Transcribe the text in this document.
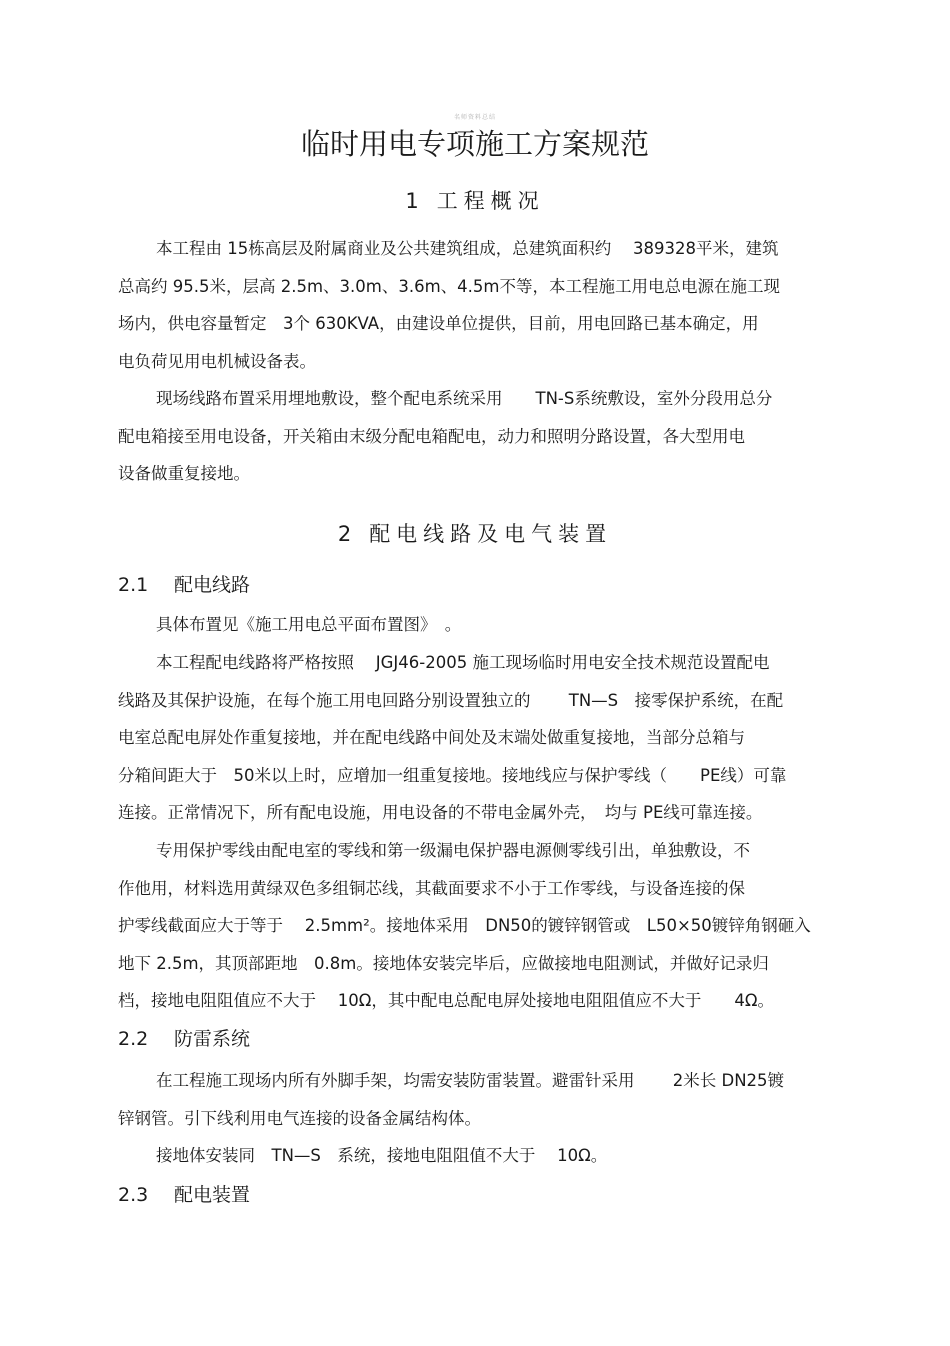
名师资料总结
临时用电专项施工方案规范
1 工程概况

本工程由 15栋高层及附属商业及公共建筑组成，总建筑面积约　 389328平米，建筑
总高约 95.5米，层高 2.5m、3.0m、3.6m、4.5m不等，本工程施工用电总电源在施工现
场内，供电容量暂定　3个 630KVA，由建设单位提供，目前，用电回路已基本确定，用
电负荷见用电机械设备表。

现场线路布置采用埋地敷设，整个配电系统采用　　TN-S系统敷设，室外分段用总分
配电箱接至用电设备，开关箱由末级分配电箱配电，动力和照明分路设置，各大型用电
设备做重复接地。

2 配电线路及电气装置
2.1 配电线路

具体布置见《施工用电总平面布置图》　。

本工程配电线路将严格按照　 JGJ46-2005 施工现场临时用电安全技术规范设置配电
线路及其保护设施，在每个施工用电回路分别设置独立的　　 TN—S　接零保护系统，在配
电室总配电屏处作重复接地，并在配电线路中间处及末端处做重复接地，当部分总箱与
分箱间距大于　50米以上时，应增加一组重复接地。接地线应与保护零线（　　PE线）可靠
连接。正常情况下，所有配电设施，用电设备的不带电金属外壳，　均与 PE线可靠连接。

专用保护零线由配电室的零线和第一级漏电保护器电源侧零线引出，单独敷设，不
作他用，材料选用黄绿双色多组铜芯线，其截面要求不小于工作零线，与设备连接的保
护零线截面应大于等于　 2.5mm²。接地体采用　DN50的镀锌钢管或　L50×50镀锌角钢砸入
地下 2.5m，其顶部距地　0.8m。接地体安装完毕后，应做接地电阻测试，并做好记录归
档，接地电阻阻值应不大于　 10Ω，其中配电总配电屏处接地电阻阻值应不大于　　4Ω。

2.2 防雷系统

在工程施工现场内所有外脚手架，均需安装防雷装置。避雷针采用　　 2米长 DN25镀
锌钢管。引下线利用电气连接的设备金属结构体。

接地体安装同　TN—S　系统，接地电阻阻值不大于　 10Ω。

2.3 配电装置
